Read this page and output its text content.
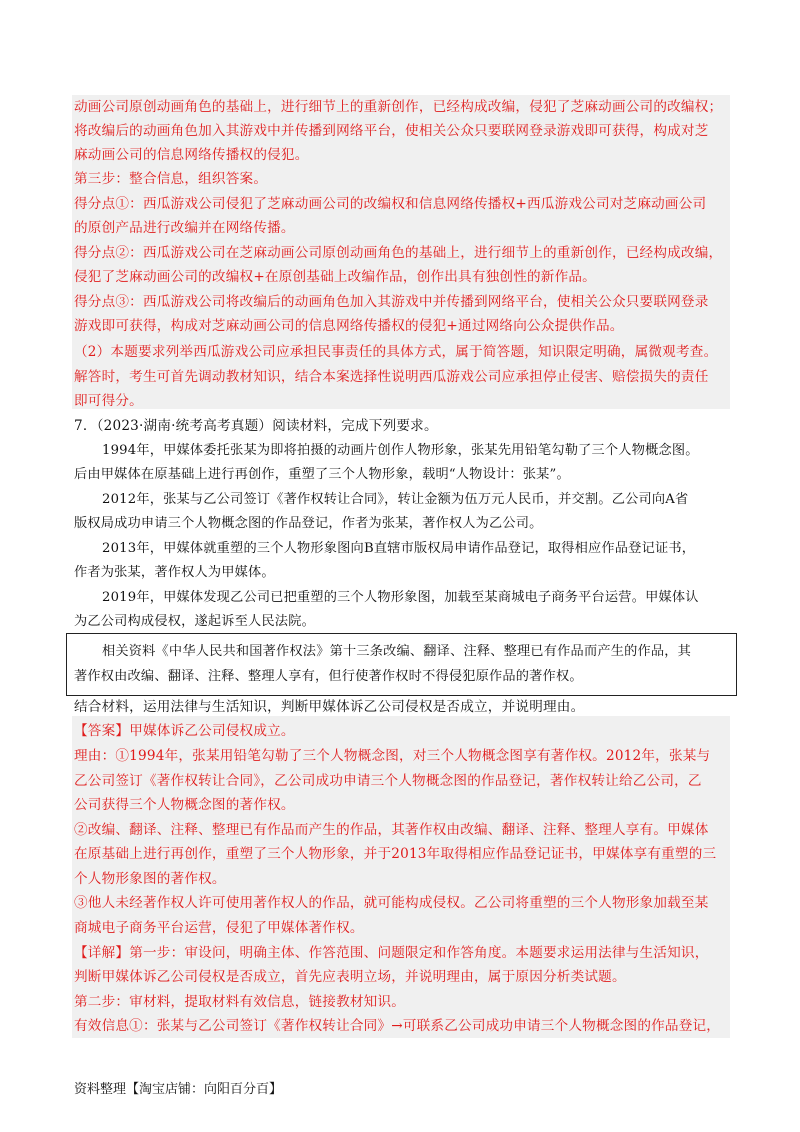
动画公司原创动画角色的基础上，进行细节上的重新创作，已经构成改编，侵犯了芝麻动画公司的改编权；
将改编后的动画角色加入其游戏中并传播到网络平台，使相关公众只要联网登录游戏即可获得，构成对芝
麻动画公司的信息网络传播权的侵犯。
第三步：整合信息，组织答案。
得分点①：西瓜游戏公司侵犯了芝麻动画公司的改编权和信息网络传播权+西瓜游戏公司对芝麻动画公司
的原创产品进行改编并在网络传播。
得分点②：西瓜游戏公司在芝麻动画公司原创动画角色的基础上，进行细节上的重新创作，已经构成改编，
侵犯了芝麻动画公司的改编权+在原创基础上改编作品，创作出具有独创性的新作品。
得分点③：西瓜游戏公司将改编后的动画角色加入其游戏中并传播到网络平台，使相关公众只要联网登录
游戏即可获得，构成对芝麻动画公司的信息网络传播权的侵犯+通过网络向公众提供作品。
（2）本题要求列举西瓜游戏公司应承担民事责任的具体方式，属于简答题，知识限定明确，属微观考查。
解答时，考生可首先调动教材知识，结合本案选择性说明西瓜游戏公司应承担停止侵害、赔偿损失的责任
即可得分。
7．（2023·湖南·统考高考真题）阅读材料，完成下列要求。
1994年，甲媒体委托张某为即将拍摄的动画片创作人物形象，张某先用铅笔勾勒了三个人物概念图。
后由甲媒体在原基础上进行再创作，重塑了三个人物形象，载明“人物设计：张某”。
2012年，张某与乙公司签订《著作权转让合同》，转让金额为伍万元人民币，并交割。乙公司向A省
版权局成功申请三个人物概念图的作品登记，作者为张某，著作权人为乙公司。
2013年，甲媒体就重塑的三个人物形象图向B直辖市版权局申请作品登记，取得相应作品登记证书，
作者为张某，著作权人为甲媒体。
2019年，甲媒体发现乙公司已把重塑的三个人物形象图，加载至某商城电子商务平台运营。甲媒体认
为乙公司构成侵权，遂起诉至人民法院。
相关资料《中华人民共和国著作权法》第十三条改编、翻译、注释、整理已有作品而产生的作品，其
著作权由改编、翻译、注释、整理人享有，但行使著作权时不得侵犯原作品的著作权。
结合材料，运用法律与生活知识，判断甲媒体诉乙公司侵权是否成立，并说明理由。
【答案】甲媒体诉乙公司侵权成立。
理由：①1994年，张某用铅笔勾勒了三个人物概念图，对三个人物概念图享有著作权。2012年，张某与
乙公司签订《著作权转让合同》，乙公司成功申请三个人物概念图的作品登记，著作权转让给乙公司，乙
公司获得三个人物概念图的著作权。
②改编、翻译、注释、整理已有作品而产生的作品，其著作权由改编、翻译、注释、整理人享有。甲媒体
在原基础上进行再创作，重塑了三个人物形象，并于2013年取得相应作品登记证书，甲媒体享有重塑的三
个人物形象图的著作权。
③他人未经著作权人许可使用著作权人的作品，就可能构成侵权。乙公司将重塑的三个人物形象加载至某
商城电子商务平台运营，侵犯了甲媒体著作权。
【详解】第一步：审设问，明确主体、作答范围、问题限定和作答角度。本题要求运用法律与生活知识，
判断甲媒体诉乙公司侵权是否成立，首先应表明立场，并说明理由，属于原因分析类试题。
第二步：审材料，提取材料有效信息，链接教材知识。
有效信息①：张某与乙公司签订《著作权转让合同》→可联系乙公司成功申请三个人物概念图的作品登记，
资料整理【淘宝店铺：向阳百分百】
